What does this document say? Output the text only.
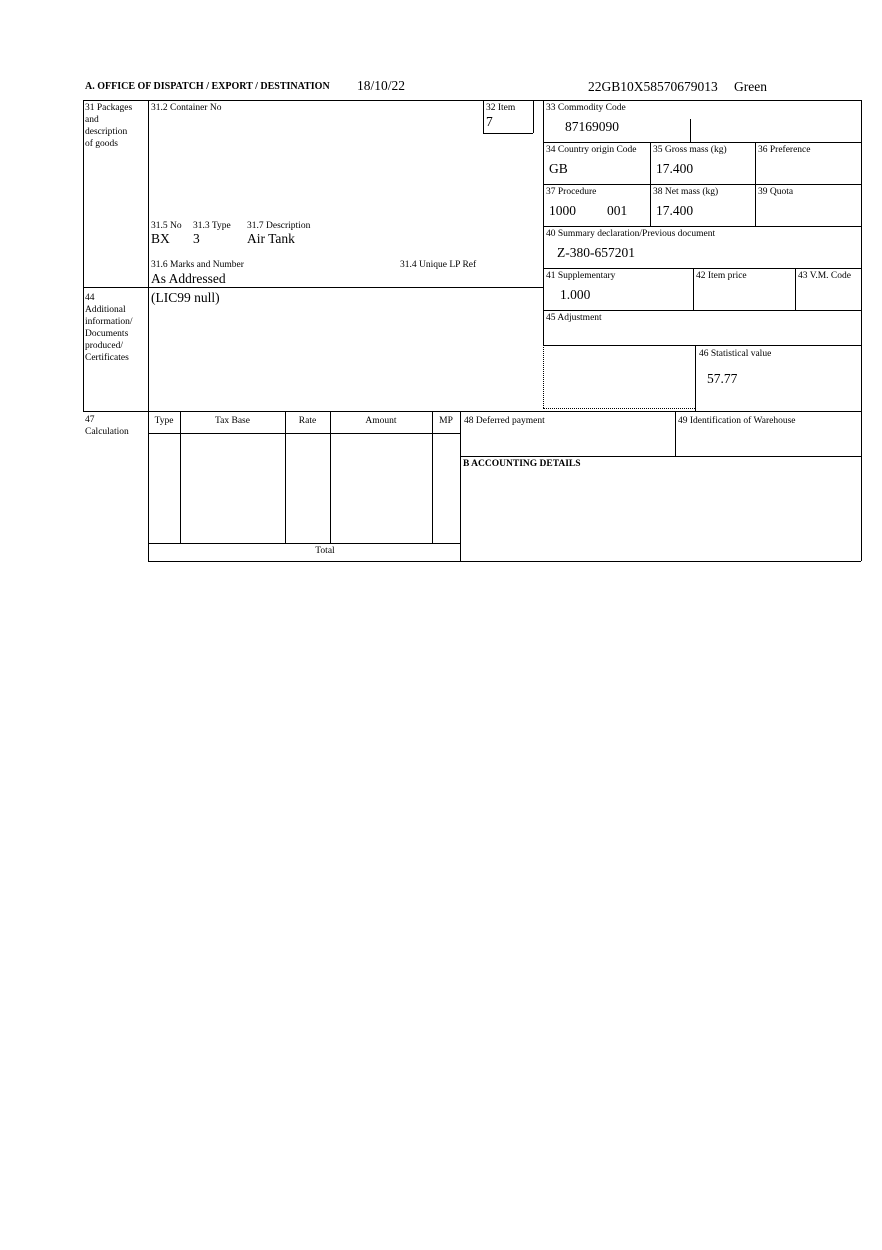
A. OFFICE OF DISPATCH / EXPORT / DESTINATION 18/10/22	22GB10X58570679013 Green
31 Packages
and
description
of goods
31.2 Container No
31.5 No 31.3 Type 31.7 Description
BX 3	Air Tank
31.6 Marks and Number	31.4 Unique LP Ref
As Addressed
32 Item
7
33 Commodity Code
87169090
34 Country origin Code
GB
35 Gross mass (kg)
17.400
36 Preference
37 Procedure
1000 001
38 Net mass (kg)
17.400
39 Quota
40 Summary declaration/Previous document
Z-380-657201
41 Supplementary
1.000
42 Item price	43 V.M. Code
44
Additional
information/
Documents
produced/
Certificates
(LIC99 null)
45 Adjustment
46 Statistical value
57.77
47
Calculation
Type	Tax Base	Rate	Amount	MP
Total
48 Deferred payment	49 Identification of Warehouse
B ACCOUNTING DETAILS
